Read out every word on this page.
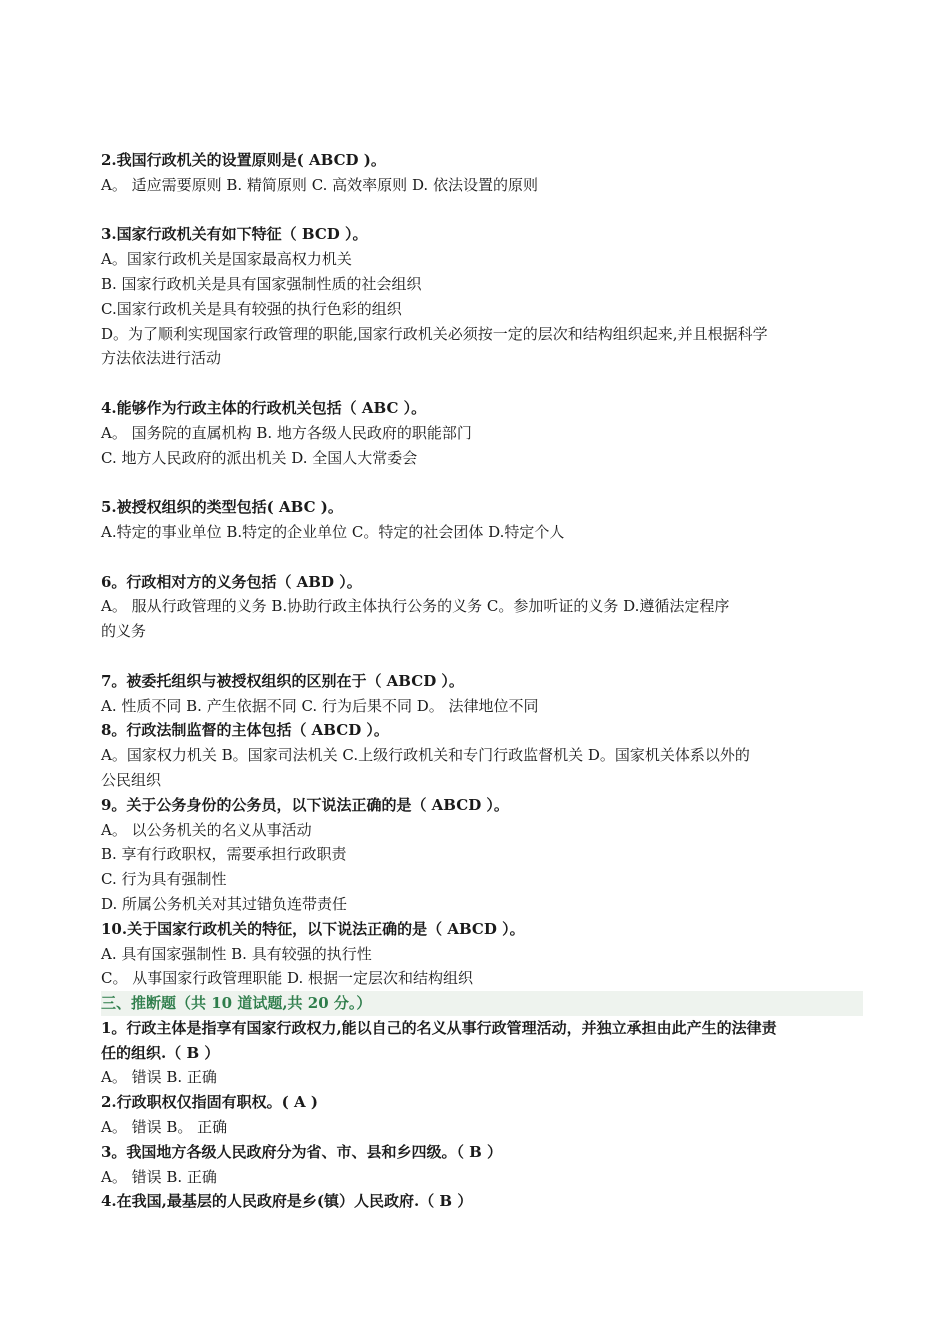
2.我国行政机关的设置原则是( ABCD )。
A。 适应需要原则 B. 精简原则 C. 高效率原则 D. 依法设置的原则
3.国家行政机关有如下特征（ BCD ）。
A。国家行政机关是国家最高权力机关
B. 国家行政机关是具有国家强制性质的社会组织
C.国家行政机关是具有较强的执行色彩的组织
D。为了顺利实现国家行政管理的职能,国家行政机关必须按一定的层次和结构组织起来,并且根据科学
方法依法进行活动
4.能够作为行政主体的行政机关包括（ ABC ）。
A。 国务院的直属机构 B. 地方各级人民政府的职能部门
C. 地方人民政府的派出机关 D. 全国人大常委会
5.被授权组织的类型包括( ABC )。
A.特定的事业单位 B.特定的企业单位 C。特定的社会团体 D.特定个人
6。行政相对方的义务包括（ ABD ）。
A。 服从行政管理的义务 B.协助行政主体执行公务的义务 C。参加听证的义务 D.遵循法定程序
的义务
7。被委托组织与被授权组织的区别在于（ ABCD ）。
A. 性质不同 B. 产生依据不同 C. 行为后果不同 D。 法律地位不同
8。行政法制监督的主体包括（ ABCD ）。
A。国家权力机关 B。国家司法机关 C.上级行政机关和专门行政监督机关 D。国家机关体系以外的
公民组织
9。关于公务身份的公务员，以下说法正确的是（ ABCD ）。
A。 以公务机关的名义从事活动
B. 享有行政职权，需要承担行政职责
C. 行为具有强制性
D. 所属公务机关对其过错负连带责任
10.关于国家行政机关的特征，以下说法正确的是（ ABCD ）。
A. 具有国家强制性 B. 具有较强的执行性
C。 从事国家行政管理职能 D. 根据一定层次和结构组织
三、推断题（共 10 道试题,共 20 分。）
1。行政主体是指享有国家行政权力,能以自己的名义从事行政管理活动，并独立承担由此产生的法律责
任的组织.（ B ）
A。 错误 B. 正确
2.行政职权仅指固有职权。( A )
A。 错误 B。 正确
3。我国地方各级人民政府分为省、市、县和乡四级。（ B ）
A。 错误 B. 正确
4.在我国,最基层的人民政府是乡(镇）人民政府.（ B ）
